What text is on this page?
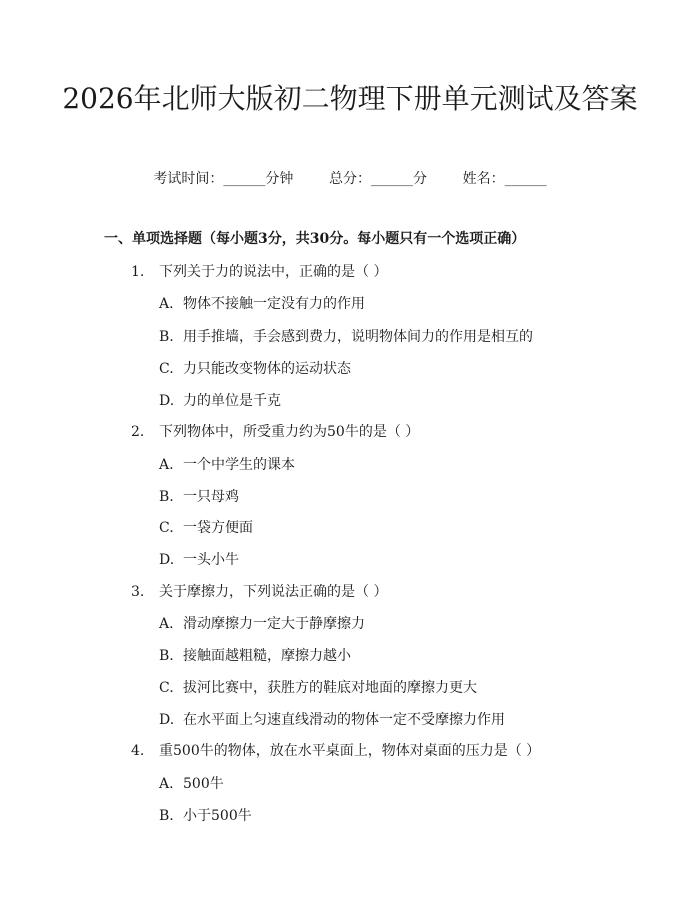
2026年北师大版初二物理下册单元测试及答案
考试时间：______分钟	总分：______分	姓名：______
一、单项选择题（每小题3分，共30分。每小题只有一个选项正确）
1. 下列关于力的说法中，正确的是（ ）
A. 物体不接触一定没有力的作用
B. 用手推墙，手会感到费力，说明物体间力的作用是相互的
C. 力只能改变物体的运动状态
D. 力的单位是千克
2. 下列物体中，所受重力约为50牛的是（ ）
A. 一个中学生的课本
B. 一只母鸡
C. 一袋方便面
D. 一头小牛
3. 关于摩擦力，下列说法正确的是（ ）
A. 滑动摩擦力一定大于静摩擦力
B. 接触面越粗糙，摩擦力越小
C. 拔河比赛中，获胜方的鞋底对地面的摩擦力更大
D. 在水平面上匀速直线滑动的物体一定不受摩擦力作用
4. 重500牛的物体，放在水平桌面上，物体对桌面的压力是（ ）
A. 500牛
B. 小于500牛
